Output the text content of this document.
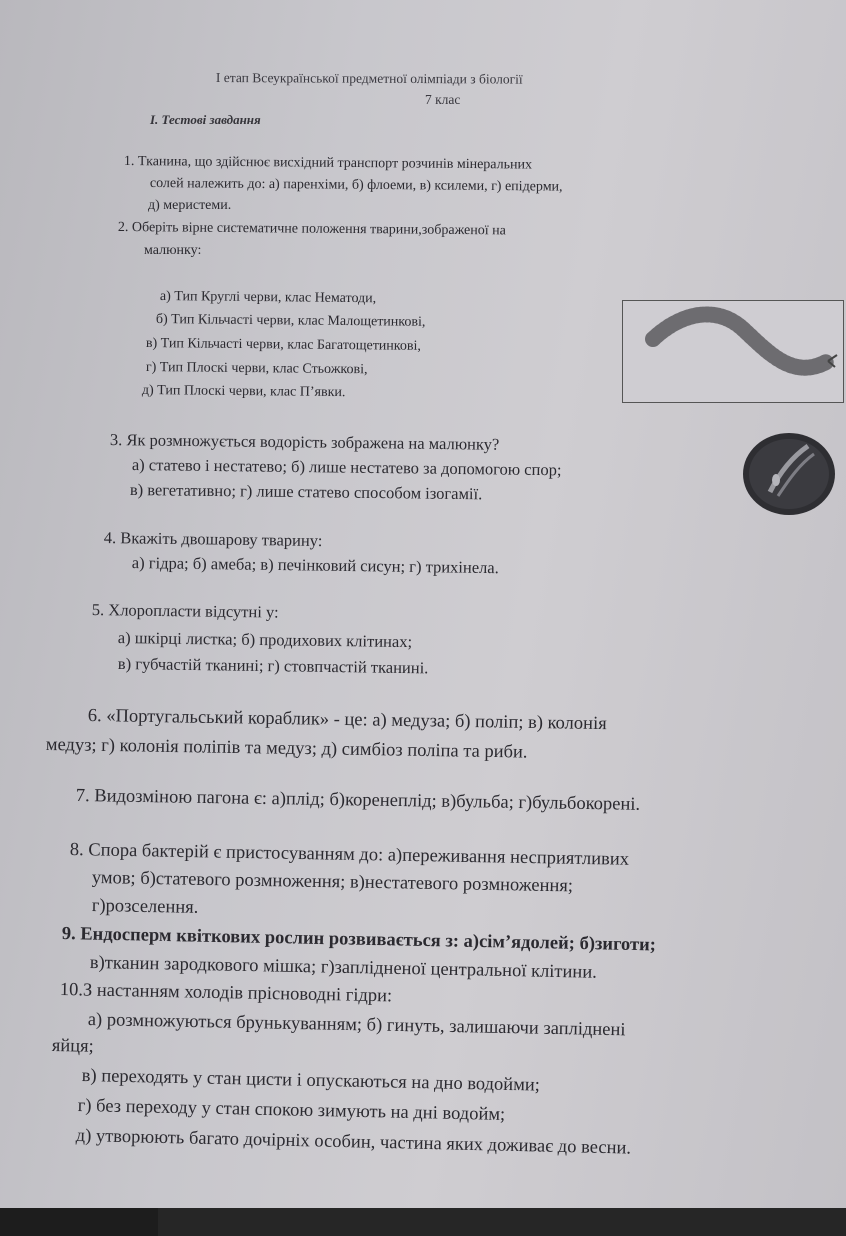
І етап Всеукраїнської предметної олімпіади з біології
7 клас
І. Тестові завдання
1. Тканина, що здійснює висхідний транспорт розчинів мінеральних
солей належить до: а) паренхіми, б) флоеми, в) ксилеми, г) епідерми,
д) меристеми.
2. Оберіть вірне систематичне положення тварини,зображеної на
малюнку:
а) Тип Круглі черви, клас Нематоди,
б) Тип Кільчасті черви, клас Малощетинкові,
в) Тип Кільчасті черви, клас Багатощетинкові,
г) Тип Плоскі черви, клас Стьожкові,
д) Тип Плоскі черви, клас П’явки.
3. Як розмножується водорість зображена на малюнку?
а) статево і нестатево; б) лише нестатево за допомогою спор;
в) вегетативно; г) лише статево способом ізогамії.
4. Вкажіть двошарову тварину:
а) гідра; б) амеба; в) печінковий сисун; г) трихінела.
5. Хлоропласти відсутні у:
а) шкірці листка; б) продихових клітинах;
в) губчастій тканині; г) стовпчастій тканині.
6. «Португальський кораблик» - це: а) медуза; б) поліп; в) колонія
медуз; г) колонія поліпів та медуз; д) симбіоз поліпа та риби.
7. Видозміною пагона є: а)плід; б)коренеплід; в)бульба; г)бульбокорені.
8. Спора бактерій є пристосуванням до: а)переживання несприятливих
умов; б)статевого розмноження; в)нестатевого розмноження;
г)розселення.
9. Ендосперм квіткових рослин розвивається з: а)сім’ядолей; б)зиготи;
в)тканин зародкового мішка; г)заплідненої центральної клітини.
10.З настанням холодів прісноводні гідри:
а) розмножуються брунькуванням; б) гинуть, залишаючи запліднені
яйця;
в) переходять у стан цисти і опускаються на дно водойми;
г) без переходу у стан спокою зимують на дні водойм;
д) утворюють багато дочірніх особин, частина яких доживає до весни.
